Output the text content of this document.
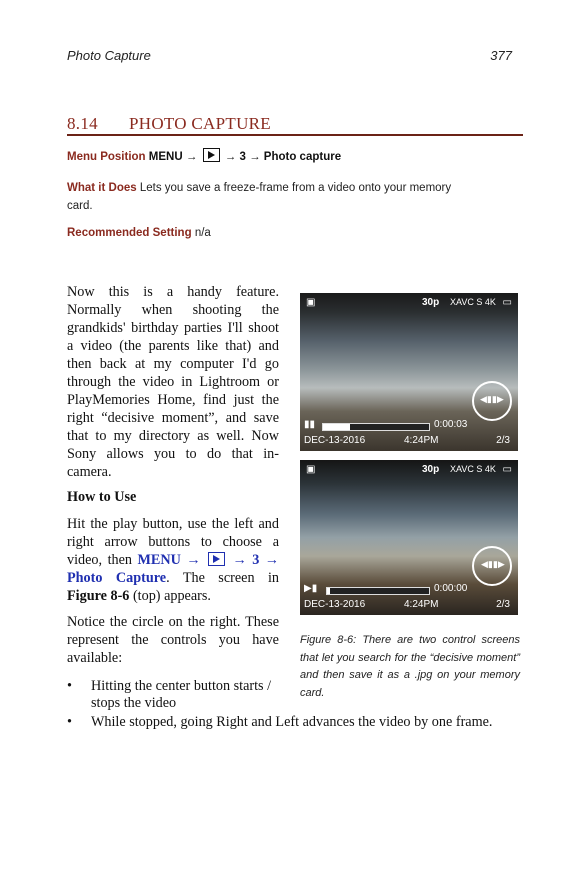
Photo Capture	377
8.14 PHOTO CAPTURE
Menu Position MENU → → 3 → Photo capture
What it Does Lets you save a freeze-frame from a video onto your memory
card.
Recommended Setting n/a

Now this is a handy feature. Normally when shooting the grandkids' birthday parties I'll shoot a video (the parents like that) and then back at my computer I'd go through the video in Lightroom or PlayMemories Home, find just the right “decisive moment”, and save that to my directory as well. Now Sony allows you to do that in-camera.

How to Use

Hit the play button, use the left and right arrow buttons to choose a video, then MENU → → 3 → Photo Capture. The screen in Figure 8-6 (top) appears.

Notice the circle on the right. These represent the controls you have available:

• Hitting the center button starts / stops the video
• While stopped, going Right and Left advances the video by one frame.
▣	30p XAVC S 4K ▭
◀▮▮▶
▮▮	0:00:03
DEC-13-2016	4:24PM	2/3
▣	30p XAVC S 4K ▭
◀▮▮▶
▶▮	0:00:00
DEC-13-2016	4:24PM	2/3
Figure 8-6: There are two control screens that let you search for the “decisive moment” and then save it as a .jpg on your memory card.
